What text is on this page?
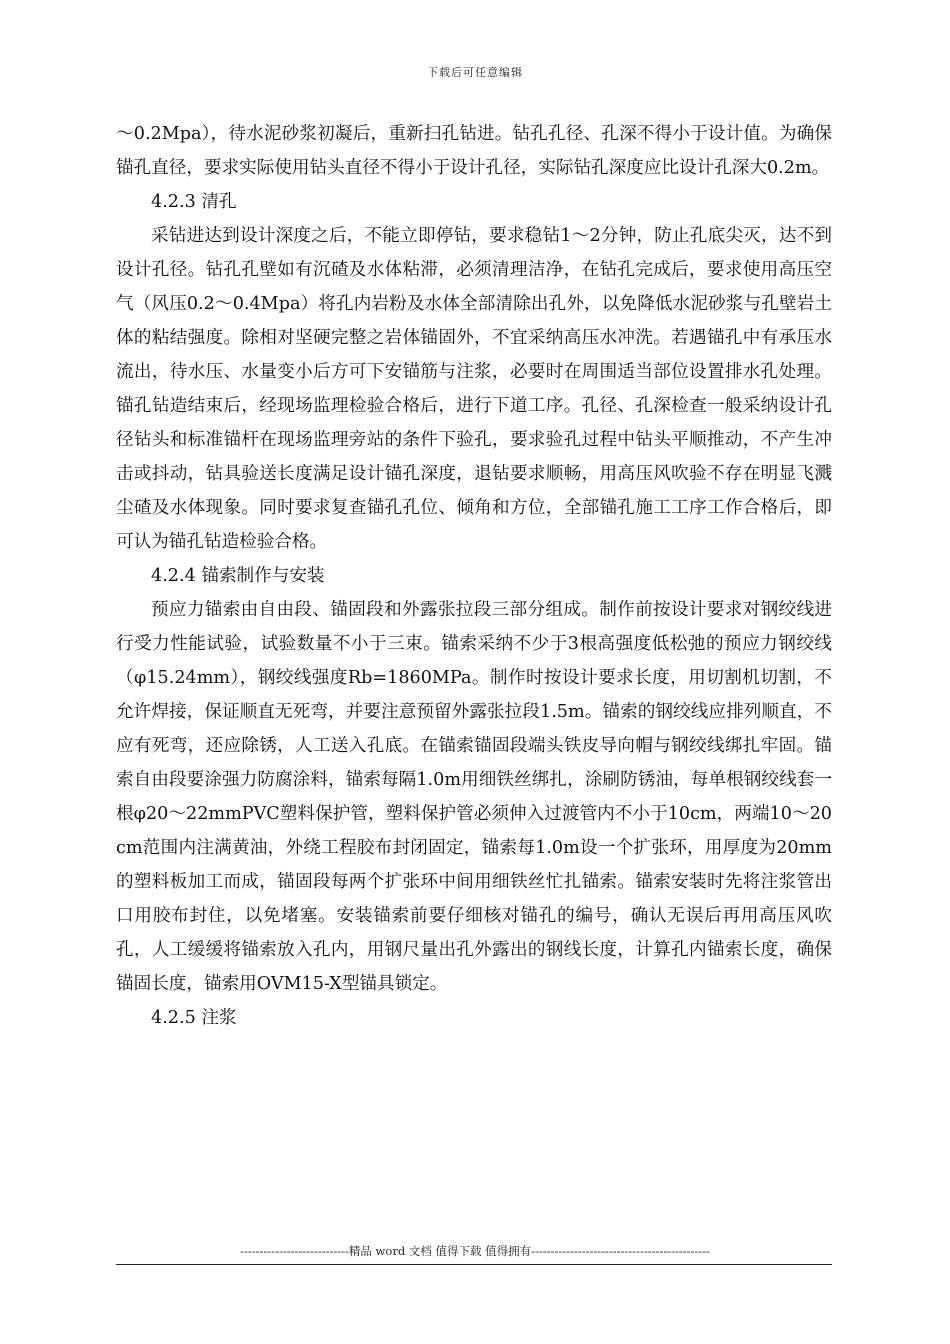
下载后可任意编辑

～0.2Mpa），待水泥砂浆初凝后，重新扫孔钻进。钻孔孔径、孔深不得小于设计值。为确保锚孔直径，要求实际使用钻头直径不得小于设计孔径，实际钻孔深度应比设计孔深大0.2m。

4.2.3 清孔

采钻进达到设计深度之后，不能立即停钻，要求稳钻1～2分钟，防止孔底尖灭，达不到设计孔径。钻孔孔壁如有沉碴及水体粘滞，必须清理洁净，在钻孔完成后，要求使用高压空气（风压0.2～0.4Mpa）将孔内岩粉及水体全部清除出孔外，以免降低水泥砂浆与孔壁岩土体的粘结强度。除相对坚硬完整之岩体锚固外，不宜采纳高压水冲洗。若遇锚孔中有承压水流出，待水压、水量变小后方可下安锚筋与注浆，必要时在周围适当部位设置排水孔处理。锚孔钻造结束后，经现场监理检验合格后，进行下道工序。孔径、孔深检查一般采纳设计孔径钻头和标准锚杆在现场监理旁站的条件下验孔，要求验孔过程中钻头平顺推动，不产生冲击或抖动，钻具验送长度满足设计锚孔深度，退钻要求顺畅，用高压风吹验不存在明显飞溅尘碴及水体现象。同时要求复查锚孔孔位、倾角和方位，全部锚孔施工工序工作合格后，即可认为锚孔钻造检验合格。

4.2.4 锚索制作与安装

预应力锚索由自由段、锚固段和外露张拉段三部分组成。制作前按设计要求对钢绞线进行受力性能试验，试验数量不小于三束。锚索采纳不少于3根高强度低松弛的预应力钢绞线（φ15.24mm），钢绞线强度Rb=1860MPa。制作时按设计要求长度，用切割机切割，不允许焊接，保证顺直无死弯，并要注意预留外露张拉段1.5m。锚索的钢绞线应排列顺直，不应有死弯，还应除锈，人工送入孔底。在锚索锚固段端头铁皮导向帽与钢绞线绑扎牢固。锚索自由段要涂强力防腐涂料，锚索每隔1.0m用细铁丝绑扎，涂刷防锈油，每单根钢绞线套一根φ20～22mmPVC塑料保护管，塑料保护管必须伸入过渡管内不小于10cm，两端10～20cm范围内注满黄油，外绕工程胶布封闭固定，锚索每1.0m设一个扩张环，用厚度为20mm的塑料板加工而成，锚固段每两个扩张环中间用细铁丝忙扎锚索。锚索安装时先将注浆管出口用胶布封住，以免堵塞。安装锚索前要仔细核对锚孔的编号，确认无误后再用高压风吹孔，人工缓缓将锚索放入孔内，用钢尺量出孔外露出的钢线长度，计算孔内锚索长度，确保锚固长度，锚索用OVM15-X型锚具锁定。

4.2.5 注浆

----------------------------精品 word 文档 值得下载 值得拥有----------------------------------------------
